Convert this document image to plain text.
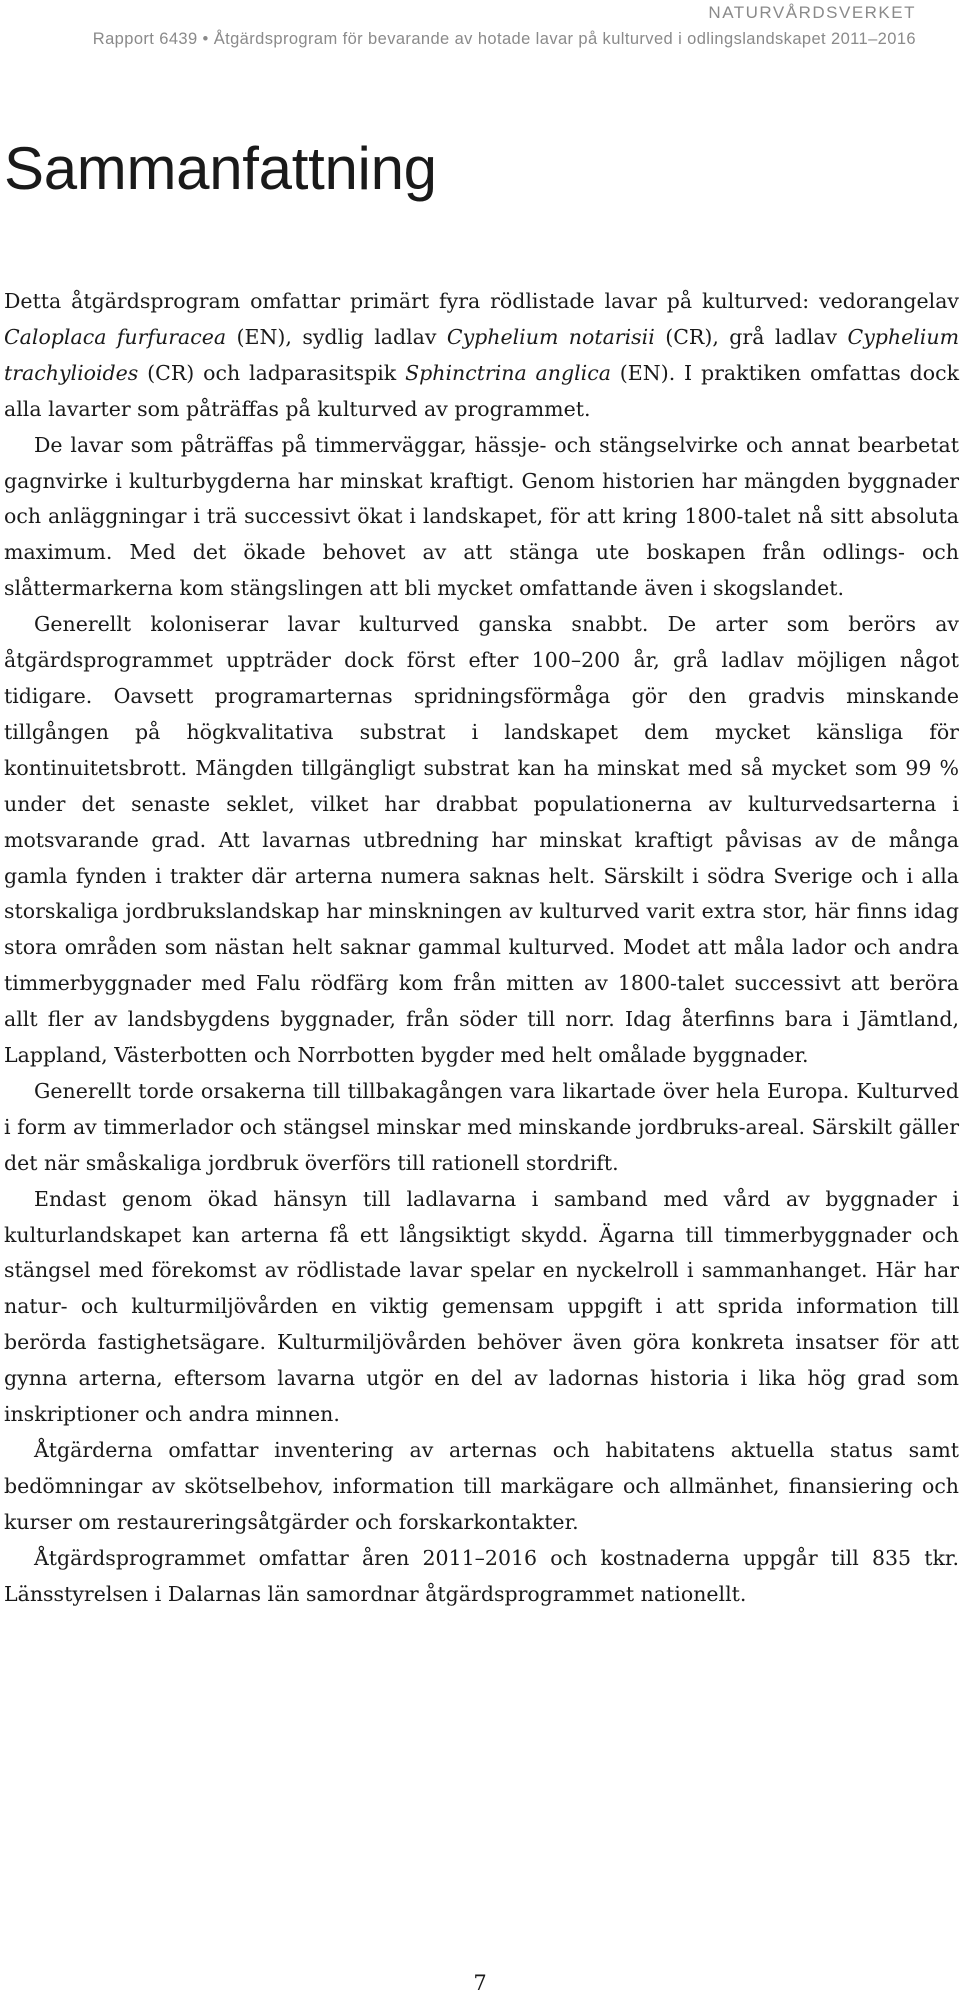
NATURVÅRDSVERKET
Rapport 6439 • Åtgärdsprogram för bevarande av hotade lavar på kulturved i odlingslandskapet 2011–2016
Sammanfattning

Detta åtgärdsprogram omfattar primärt fyra rödlistade lavar på kulturved: vedorangelav Caloplaca furfuracea (EN), sydlig ladlav Cyphelium notarisii (CR), grå ladlav Cyphelium trachylioides (CR) och ladparasitspik Sphinctrina anglica (EN). I praktiken omfattas dock alla lavarter som påträffas på kulturved av programmet.

De lavar som påträffas på timmerväggar, hässje- och stängselvirke och annat bearbetat gagnvirke i kulturbygderna har minskat kraftigt. Genom historien har mängden byggnader och anläggningar i trä successivt ökat i landskapet, för att kring 1800-talet nå sitt absoluta maximum. Med det ökade behovet av att stänga ute boskapen från odlings- och slåttermarkerna kom stängslingen att bli mycket omfattande även i skogslandet.

Generellt koloniserar lavar kulturved ganska snabbt. De arter som berörs av åtgärdsprogrammet uppträder dock först efter 100–200 år, grå ladlav möjligen något tidigare. Oavsett programarternas spridningsförmåga gör den gradvis minskande tillgången på högkvalitativa substrat i landskapet dem mycket känsliga för kontinuitetsbrott. Mängden tillgängligt substrat kan ha minskat med så mycket som 99 % under det senaste seklet, vilket har drabbat populationerna av kulturvedsarterna i motsvarande grad. Att lavarnas utbredning har minskat kraftigt påvisas av de många gamla fynden i trakter där arterna numera saknas helt. Särskilt i södra Sverige och i alla storskaliga jordbrukslandskap har minskningen av kulturved varit extra stor, här finns idag stora områden som nästan helt saknar gammal kulturved. Modet att måla lador och andra timmerbyggnader med Falu rödfärg kom från mitten av 1800-talet successivt att beröra allt fler av landsbygdens byggnader, från söder till norr. Idag återfinns bara i Jämtland, Lappland, Västerbotten och Norrbotten bygder med helt omålade byggnader.

Generellt torde orsakerna till tillbakagången vara likartade över hela Europa. Kulturved i form av timmerlador och stängsel minskar med minskande jordbruks-areal. Särskilt gäller det när småskaliga jordbruk överförs till rationell stordrift.

Endast genom ökad hänsyn till ladlavarna i samband med vård av byggnader i kulturlandskapet kan arterna få ett långsiktigt skydd. Ägarna till timmerbyggnader och stängsel med förekomst av rödlistade lavar spelar en nyckelroll i sammanhanget. Här har natur- och kulturmiljövården en viktig gemensam uppgift i att sprida information till berörda fastighetsägare. Kulturmiljövården behöver även göra konkreta insatser för att gynna arterna, eftersom lavarna utgör en del av ladornas historia i lika hög grad som inskriptioner och andra minnen.

Åtgärderna omfattar inventering av arternas och habitatens aktuella status samt bedömningar av skötselbehov, information till markägare och allmänhet, finansiering och kurser om restaureringsåtgärder och forskarkontakter.

Åtgärdsprogrammet omfattar åren 2011–2016 och kostnaderna uppgår till 835 tkr. Länsstyrelsen i Dalarnas län samordnar åtgärdsprogrammet nationellt.

7
